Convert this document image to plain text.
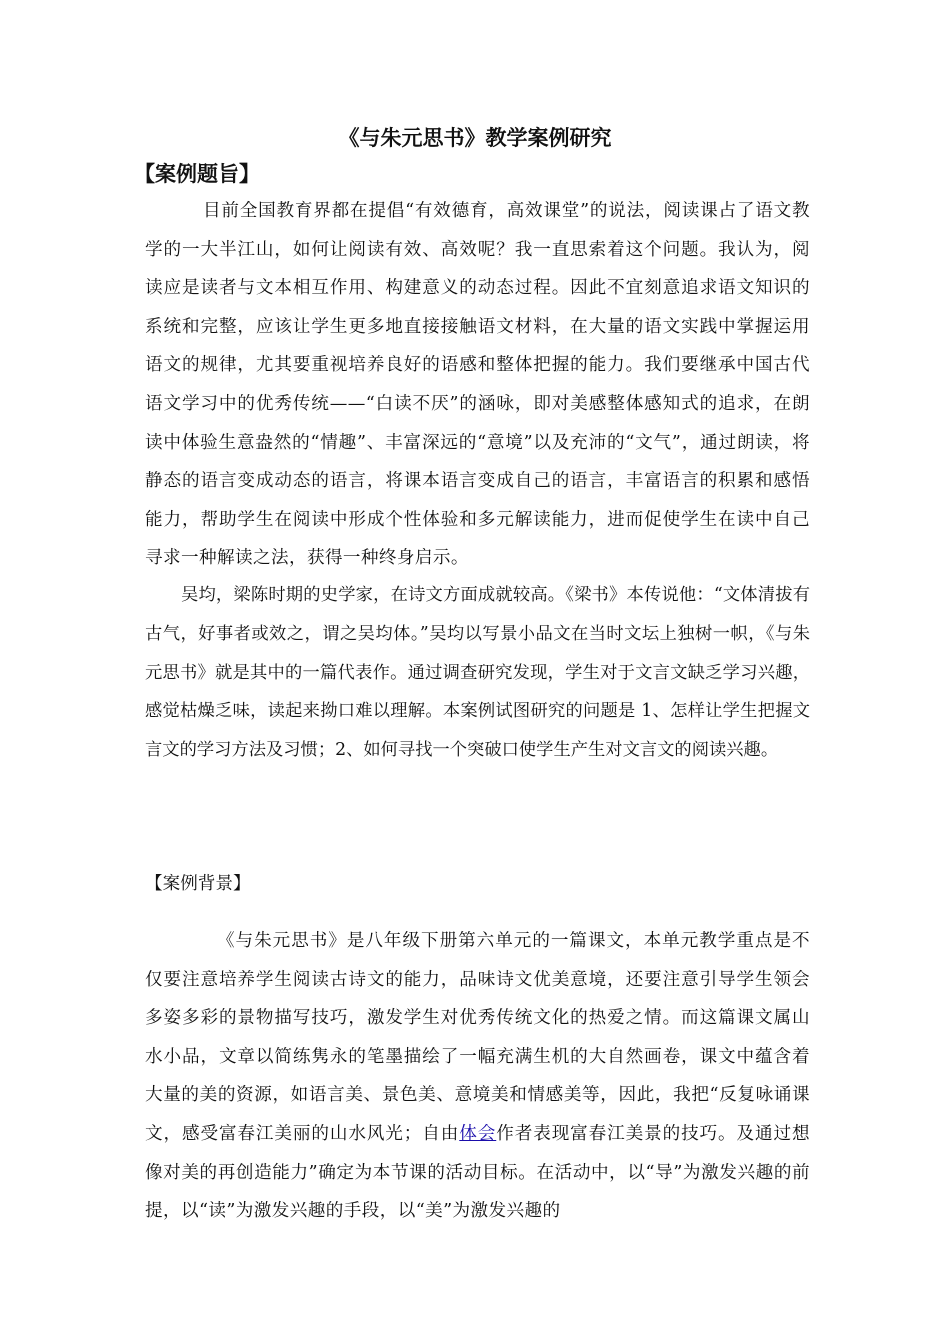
《与朱元思书》教学案例研究
【案例题旨】

目前全国教育界都在提倡“有效德育，高效课堂”的说法，阅读课占了语文教学的一大半江山，如何让阅读有效、高效呢？我一直思索着这个问题。我认为，阅读应是读者与文本相互作用、构建意义的动态过程。因此不宜刻意追求语文知识的系统和完整，应该让学生更多地直接接触语文材料，在大量的语文实践中掌握运用语文的规律，尤其要重视培养良好的语感和整体把握的能力。我们要继承中国古代语文学习中的优秀传统——“白读不厌”的涵咏，即对美感整体感知式的追求，在朗读中体验生意盎然的“情趣”、丰富深远的“意境”以及充沛的“文气”，通过朗读，将静态的语言变成动态的语言，将课本语言变成自己的语言，丰富语言的积累和感悟能力，帮助学生在阅读中形成个性体验和多元解读能力，进而促使学生在读中自己寻求一种解读之法，获得一种终身启示。

吴均，梁陈时期的史学家，在诗文方面成就较高。《梁书》本传说他：“文体清拔有古气，好事者或效之，谓之吴均体。”吴均以写景小品文在当时文坛上独树一帜，《与朱元思书》就是其中的一篇代表作。通过调查研究发现，学生对于文言文缺乏学习兴趣，感觉枯燥乏味，读起来拗口难以理解。本案例试图研究的问题是 1、怎样让学生把握文言文的学习方法及习惯；2、如何寻找一个突破口使学生产生对文言文的阅读兴趣。

【案例背景】

《与朱元思书》是八年级下册第六单元的一篇课文，本单元教学重点是不仅要注意培养学生阅读古诗文的能力，品味诗文优美意境，还要注意引导学生领会多姿多彩的景物描写技巧，激发学生对优秀传统文化的热爱之情。而这篇课文属山水小品，文章以简练隽永的笔墨描绘了一幅充满生机的大自然画卷，课文中蕴含着大量的美的资源，如语言美、景色美、意境美和情感美等，因此，我把“反复咏诵课文，感受富春江美丽的山水风光；自由体会作者表现富春江美景的技巧。及通过想像对美的再创造能力”确定为本节课的活动目标。在活动中，以“导”为激发兴趣的前提，以“读”为激发兴趣的手段，以“美”为激发兴趣的
